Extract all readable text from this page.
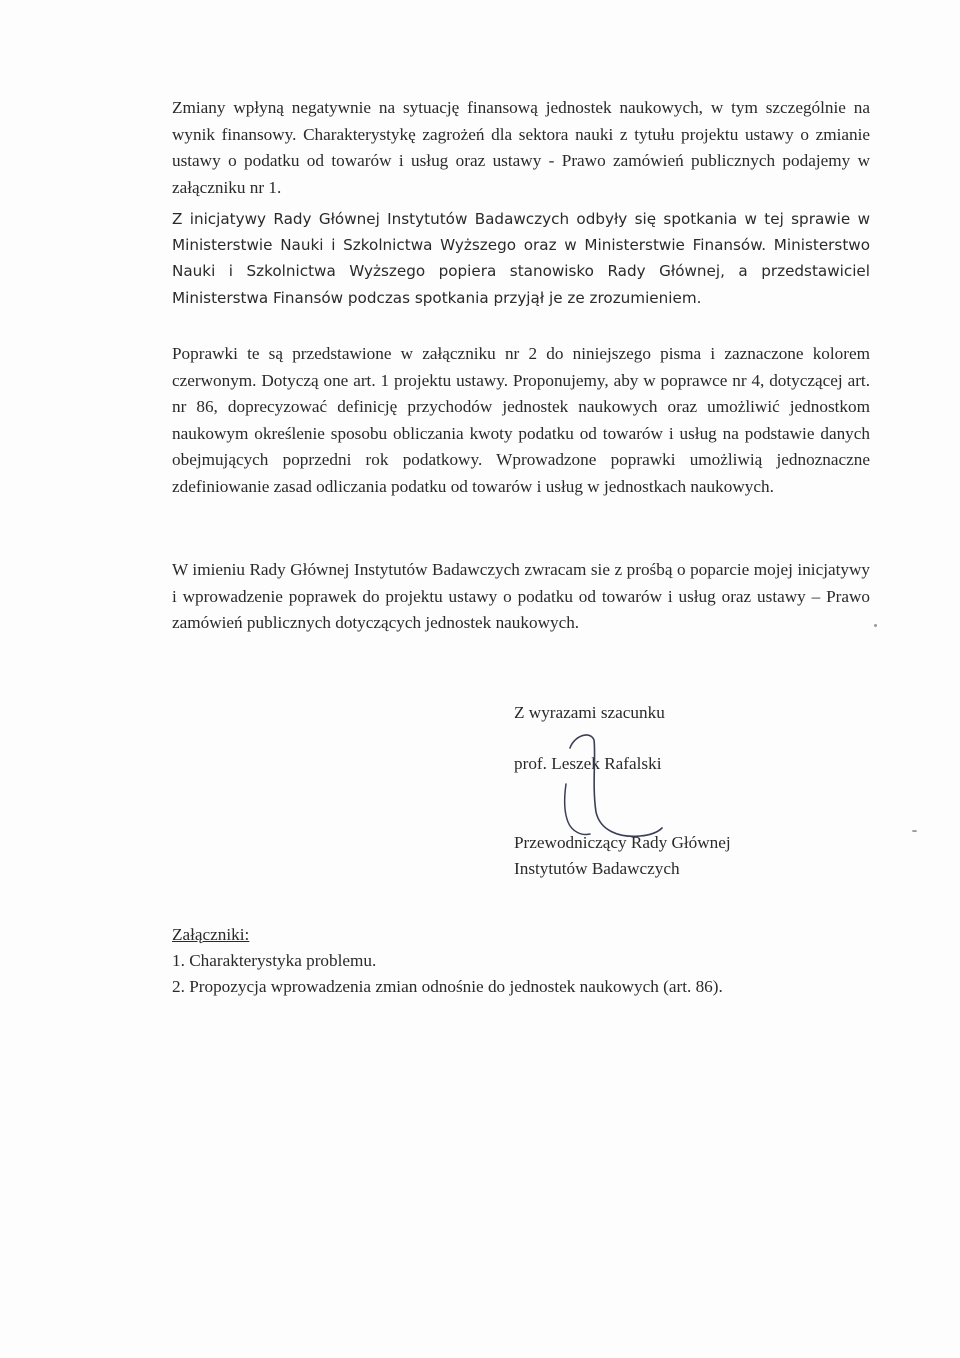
Zmiany wpłyną negatywnie na sytuację finansową jednostek naukowych, w tym szczególnie na wynik finansowy. Charakterystykę zagrożeń dla sektora nauki z tytułu projektu ustawy o zmianie ustawy o podatku od towarów i usług oraz ustawy - Prawo zamówień publicznych podajemy w załączniku nr 1.

Z inicjatywy Rady Głównej Instytutów Badawczych odbyły się spotkania w tej sprawie w Ministerstwie Nauki i Szkolnictwa Wyższego oraz w Ministerstwie Finansów. Ministerstwo Nauki i Szkolnictwa Wyższego popiera stanowisko Rady Głównej, a przedstawiciel Ministerstwa Finansów podczas spotkania przyjął je ze zrozumieniem.

Poprawki te są przedstawione w załączniku nr 2 do niniejszego pisma i zaznaczone kolorem czerwonym. Dotyczą one art. 1 projektu ustawy. Proponujemy, aby w poprawce nr 4, dotyczącej art. nr 86, doprecyzować definicję przychodów jednostek naukowych oraz umożliwić jednostkom naukowym określenie sposobu obliczania kwoty podatku od towarów i usług na podstawie danych obejmujących poprzedni rok podatkowy. Wprowadzone poprawki umożliwią jednoznaczne zdefiniowanie zasad odliczania podatku od towarów i usług w jednostkach naukowych.

W imieniu Rady Głównej Instytutów Badawczych zwracam sie z prośbą o poparcie mojej inicjatywy i wprowadzenie poprawek do projektu ustawy o podatku od towarów i usług oraz ustawy – Prawo zamówień publicznych dotyczących jednostek naukowych.

Z wyrazami szacunku

prof. Leszek Rafalski

Przewodniczący Rady Głównej

Instytutów Badawczych

Załączniki:

1. Charakterystyka problemu.

2. Propozycja wprowadzenia zmian odnośnie do jednostek naukowych (art. 86).
